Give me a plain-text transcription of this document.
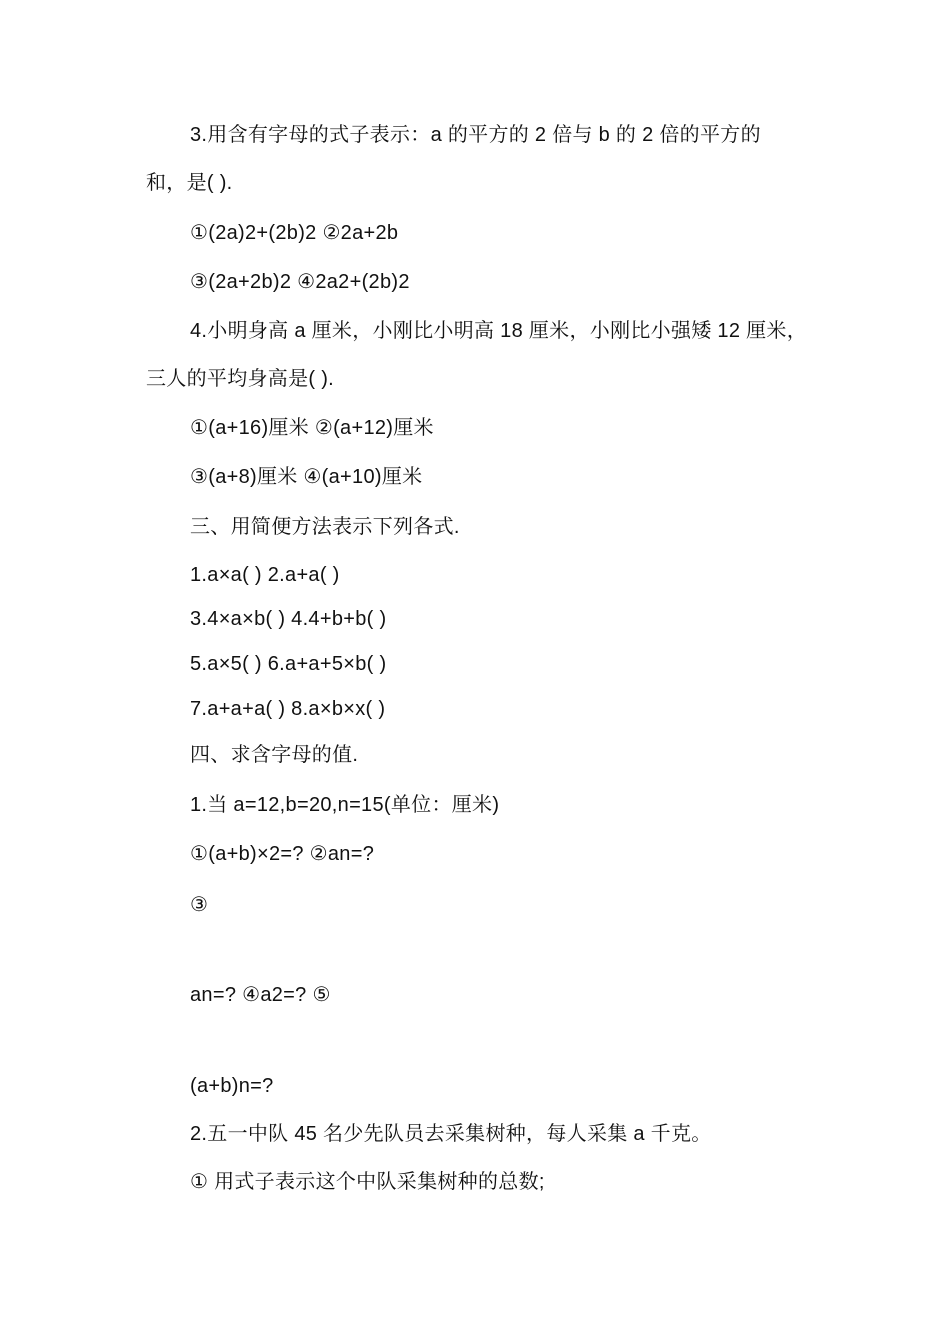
3.用含有字母的式子表示：a 的平方的 2 倍与 b 的 2 倍的平方的
和，是( ).
①(2a)2+(2b)2 ②2a+2b
③(2a+2b)2 ④2a2+(2b)2
4.小明身高 a 厘米，小刚比小明高 18 厘米，小刚比小强矮 12 厘米，
三人的平均身高是( ).
①(a+16)厘米 ②(a+12)厘米
③(a+8)厘米 ④(a+10)厘米
三、用简便方法表示下列各式.
1.a×a( ) 2.a+a( )
3.4×a×b( ) 4.4+b+b( )
5.a×5( ) 6.a+a+5×b( )
7.a+a+a( ) 8.a×b×x( )
四、求含字母的值.
1.当 a=12,b=20,n=15(单位：厘米)
①(a+b)×2=? ②an=?
③
an=? ④a2=? ⑤
(a+b)n=?
2.五一中队 45 名少先队员去采集树种，每人采集 a 千克。
① 用式子表示这个中队采集树种的总数;
